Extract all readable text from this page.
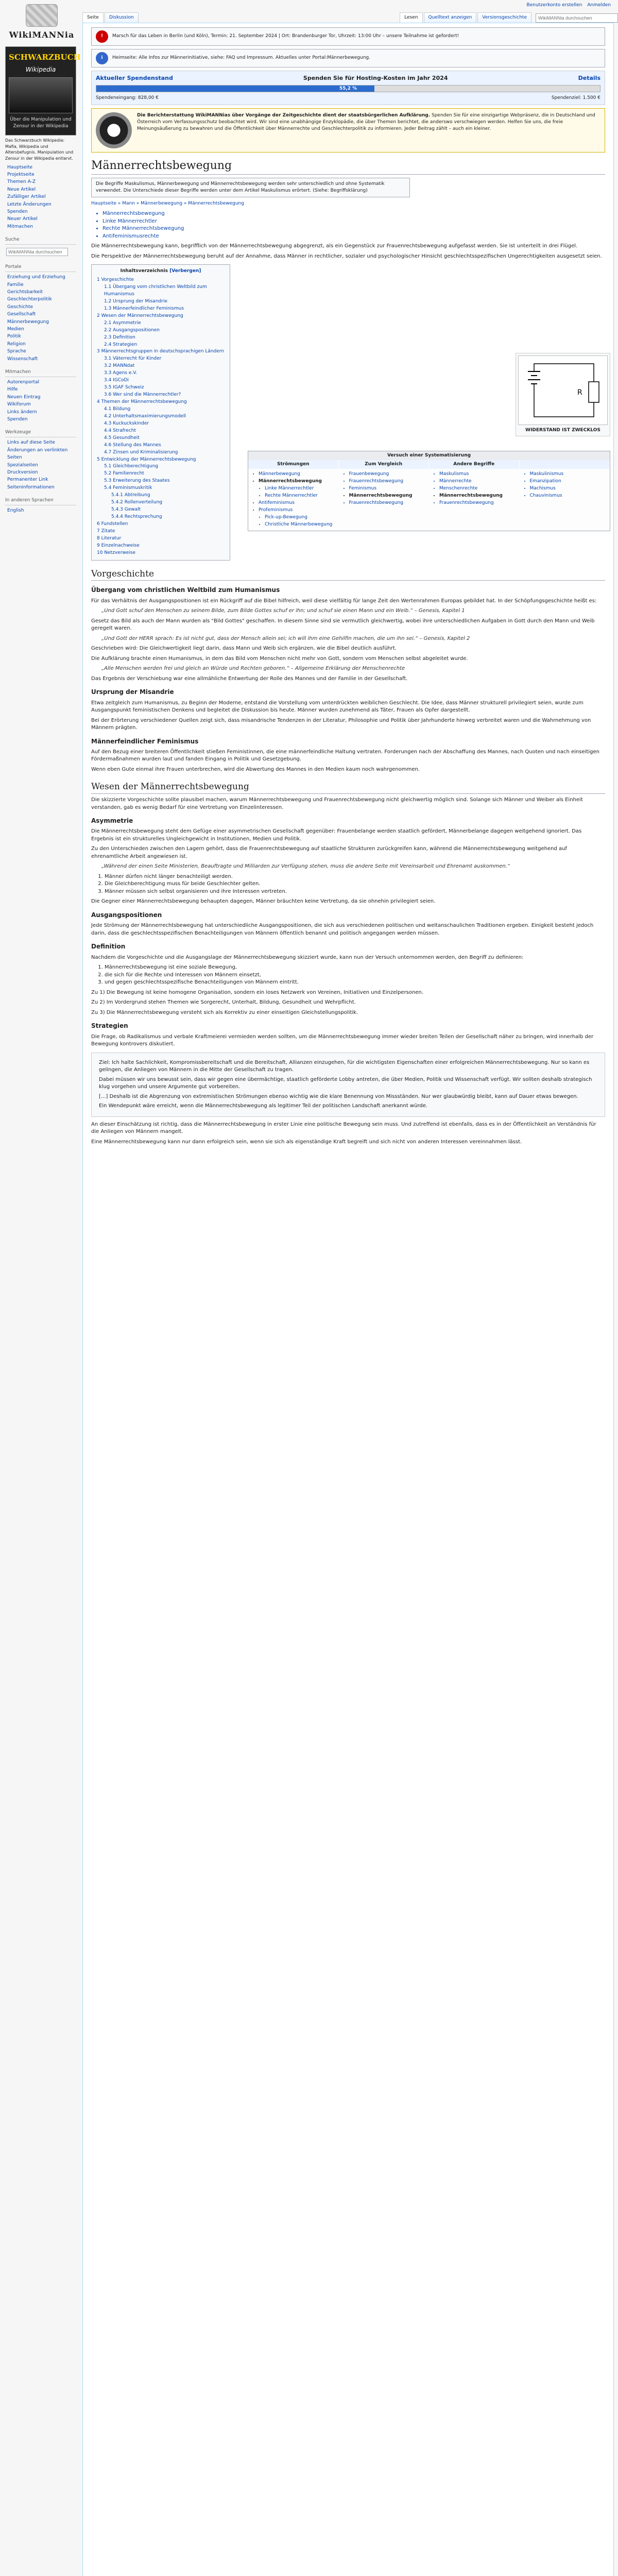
Benutzerkonto erstellen Anmelden
WikiMANNia
SCHWARZBUCH
Wikipedia
Über die Manipulation und Zensur in der Wikipedia
Das Schwarzbuch Wikipedia: Mafia, Wikipedia und Altersbefugnis. Manipulation und Zensur in der Wikipedia entlarvt.
Hauptseite
Projektseite
Themen A-Z
Neue Artikel
Zufälliger Artikel
Letzte Änderungen
Spenden
Neuer Artikel
Mitmachen
Suche
WikiMANNia durchsuchen
Portale
Erziehung und Erziehung
Familie
Gerichtsbarkeit
Geschlechterpolitik
Geschichte
Gesellschaft
Männerbewegung
Medien
Politik
Religion
Sprache
Wissenschaft
Mitmachen
Autorenportal
Hilfe
Neuen Eintrag
Wikiforum
Links ändern
Spenden
Werkzeuge
Links auf diese Seite
Änderungen an verlinkten Seiten
Spezialseiten
Druckversion
Permanenter Link
Seiteninformationen
In anderen Sprachen
English
Seite	Diskussion	Lesen	Quelltext anzeigen	Versionsgeschichte
WikiMANNia durchsuchen
!	Marsch für das Leben in Berlin (und Köln), Termin: 21. September 2024 | Ort: Brandenburger Tor, Uhrzeit: 13:00 Uhr – unsere Teilnahme ist gefordert!
ℹ	Heimseite: Alle Infos zur Männerinitiative, siehe: FAQ und Impressum. Aktuelles unter Portal:Männerbewegung.
Aktueller Spendenstand	Spenden Sie für Hosting-Kosten im Jahr 2024	Details
55,2 %
Spendeneingang: 828,00 €	Spendenziel: 1.500 €
Die Berichterstattung WikiMANNias über Vorgänge der Zeitgeschichte dient der staatsbürgerlichen Aufklärung. Spenden Sie für eine einzigartige Webpräsenz, die in Deutschland und Österreich vom Verfassungsschutz beobachtet wird. Wir sind eine unabhängige Enzyklopädie, die über Themen berichtet, die anderswo verschwiegen werden. Helfen Sie uns, die freie Meinungsäußerung zu bewahren und die Öffentlichkeit über Männerrechte und Geschlechterpolitik zu informieren. Jeder Beitrag zählt – auch ein kleiner.
Männerrechtsbewegung
Die Begriffe Maskulismus, Männerbewegung und Männerrechtsbewegung werden sehr unterschiedlich und ohne Systematik verwendet. Die Unterschiede dieser Begriffe werden unter dem Artikel Maskulismus erörtert. (Siehe: Begriffsklärung)
Hauptseite » Mann » Männerbewegung » Männerrechtsbewegung
• Männerrechtsbewegung
• Linke Männerrechtler
• Rechte Männerrechtsbewegung
• Antifeminismusrechte

Die Männerrechtsbewegung kann, begrifflich von der Männerrechtsbewegung abgegrenzt, als ein Gegenstück zur Frauenrechtsbewegung aufgefasst werden. Sie ist unterteilt in drei Flügel.

Die Perspektive der Männerrechtsbewegung beruht auf der Annahme, dass Männer in rechtlicher, sozialer und psychologischer Hinsicht geschlechtsspezifischen Ungerechtigkeiten ausgesetzt seien.

Inhaltsverzeichnis [Verbergen]
1 Vorgeschichte
1.1 Übergang vom christlichen Weltbild zum Humanismus
1.2 Ursprung der Misandrie
1.3 Männerfeindlicher Feminismus
2 Wesen der Männerrechtsbewegung
2.1 Asymmetrie
2.2 Ausgangspositionen
2.3 Definition
2.4 Strategien
3 Männerrechtsgruppen in deutschsprachigen Ländern
3.1 Väterrecht für Kinder
3.2 MANNdat
3.3 Agens e.V.
3.4 IGCoDi
3.5 IGAF Schweiz
3.6 Wer sind die Männerrechtler?
4 Themen der Männerrechtsbewegung
4.1 Bildung
4.2 Unterhaltsmaximierungsmodell
4.3 Kuckuckskinder
4.4 Strafrecht
4.5 Gesundheit
4.6 Stellung des Mannes
4.7 Zinsen und Kriminalisierung
5 Entwicklung der Männerrechtsbewegung
5.1 Gleichberechtigung
5.2 Familienrecht
5.3 Erweiterung des Staates
5.4 Feminismuskritik
5.4.1 Abtreibung
5.4.2 Rollenverteilung
5.4.3 Gewalt
5.4.4 Rechtsprechung
6 Fundstellen
7 Zitate
8 Literatur
9 Einzelnachweise
10 Netzverweise
R
WIDERSTAND IST ZWECKLOS
Versuch einer Systematisierung
Strömungen
• Männerbewegung
• Männerrechtsbewegung
• Linke Männerrechtler
• Rechte Männerrechtler
• Antifeminismus
• Profeminismus
• Pick-up-Bewegung
• Christliche Männerbewegung
Zum Vergleich
• Frauenbewegung
• Frauenrechtsbewegung
• Feminismus
• Männerrechtsbewegung
• Frauenrechtsbewegung
Andere Begriffe
• Maskulismus
• Männerrechte
• Menschenrechte
• Männerrechtsbewegung
• Frauenrechtsbewegung

• Maskulinismus
• Emanzipation
• Machismus
• Chauvinismus
Vorgeschichte
Übergang vom christlichen Weltbild zum Humanismus

Für das Verhältnis der Ausgangspositionen ist ein Rückgriff auf die Bibel hilfreich, weil diese vielfältig für lange Zeit den Wertenrahmen Europas gebildet hat. In der Schöpfungsgeschichte heißt es:

„Und Gott schuf den Menschen zu seinem Bilde, zum Bilde Gottes schuf er ihn; und schuf sie einen Mann und ein Weib.“ – Genesis, Kapitel 1

Gesetz das Bild als auch der Mann wurden als "Bild Gottes" geschaffen. In diesem Sinne sind sie vermutlich gleichwertig, wobei ihre unterschiedlichen Aufgaben in Gott durch den Mann und Weib geregelt waren.

„Und Gott der HERR sprach: Es ist nicht gut, dass der Mensch allein sei; ich will ihm eine Gehilfin machen, die um ihn sei.“ – Genesis, Kapitel 2

Geschrieben wird: Die Gleichwertigkeit liegt darin, dass Mann und Weib sich ergänzen, wie die Bibel deutlich ausführt.

Die Aufklärung brachte einen Humanismus, in dem das Bild vom Menschen nicht mehr von Gott, sondern vom Menschen selbst abgeleitet wurde.

„Alle Menschen werden frei und gleich an Würde und Rechten geboren.“ – Allgemeine Erklärung der Menschenrechte

Das Ergebnis der Verschiebung war eine allmähliche Entwertung der Rolle des Mannes und der Familie in der Gesellschaft.

Ursprung der Misandrie

Etwa zeitgleich zum Humanismus, zu Beginn der Moderne, entstand die Vorstellung vom unterdrückten weiblichen Geschlecht. Die Idee, dass Männer strukturell privilegiert seien, wurde zum Ausgangspunkt feministischen Denkens und begleitet die Diskussion bis heute. Männer wurden zunehmend als Täter, Frauen als Opfer dargestellt.

Bei der Erörterung verschiedener Quellen zeigt sich, dass misandrische Tendenzen in der Literatur, Philosophie und Politik über Jahrhunderte hinweg verbreitet waren und die Wahrnehmung von Männern prägten.

Männerfeindlicher Feminismus

Auf den Bezug einer breiteren Öffentlichkeit stießen Feministinnen, die eine männerfeindliche Haltung vertraten. Forderungen nach der Abschaffung des Mannes, nach Quoten und nach einseitigen Fördermaßnahmen wurden laut und fanden Eingang in Politik und Gesetzgebung.

Wenn eben Gute einmal ihre Frauen unterbrechen, wird die Abwertung des Mannes in den Medien kaum noch wahrgenommen.

Wesen der Männerrechtsbewegung

Die skizzierte Vorgeschichte sollte plausibel machen, warum Männerrechtsbewegung und Frauenrechtsbewegung nicht gleichwertig möglich sind. Solange sich Männer und Weiber als Einheit verstanden, gab es wenig Bedarf für eine Vertretung von Einzelinteressen.

Asymmetrie

Die Männerrechtsbewegung steht dem Gefüge einer asymmetrischen Gesellschaft gegenüber: Frauenbelange werden staatlich gefördert, Männerbelange dagegen weitgehend ignoriert. Das Ergebnis ist ein strukturelles Ungleichgewicht in Institutionen, Medien und Politik.

Zu den Unterschieden zwischen den Lagern gehört, dass die Frauenrechtsbewegung auf staatliche Strukturen zurückgreifen kann, während die Männerrechtsbewegung weitgehend auf ehrenamtliche Arbeit angewiesen ist.

„Während der einen Seite Ministerien, Beauftragte und Milliarden zur Verfügung stehen, muss die andere Seite mit Vereinsarbeit und Ehrenamt auskommen.“
1. Männer dürfen nicht länger benachteiligt werden.
2. Die Gleichberechtigung muss für beide Geschlechter gelten.
3. Männer müssen sich selbst organisieren und ihre Interessen vertreten.

Die Gegner einer Männerrechtsbewegung behaupten dagegen, Männer bräuchten keine Vertretung, da sie ohnehin privilegiert seien.

Ausgangspositionen

Jede Strömung der Männerrechtsbewegung hat unterschiedliche Ausgangspositionen, die sich aus verschiedenen politischen und weltanschaulichen Traditionen ergeben. Einigkeit besteht jedoch darin, dass die geschlechtsspezifischen Benachteiligungen von Männern öffentlich benannt und politisch angegangen werden müssen.

Definition

Nachdem die Vorgeschichte und die Ausgangslage der Männerrechtsbewegung skizziert wurde, kann nun der Versuch unternommen werden, den Begriff zu definieren:

1. Männerrechtsbewegung ist eine soziale Bewegung,
2. die sich für die Rechte und Interessen von Männern einsetzt,
3. und gegen geschlechtsspezifische Benachteiligungen von Männern eintritt.

Zu 1) Die Bewegung ist keine homogene Organisation, sondern ein loses Netzwerk von Vereinen, Initiativen und Einzelpersonen.

Zu 2) Im Vordergrund stehen Themen wie Sorgerecht, Unterhalt, Bildung, Gesundheit und Wehrpflicht.

Zu 3) Die Männerrechtsbewegung versteht sich als Korrektiv zu einer einseitigen Gleichstellungspolitik.

Strategien

Die Frage, ob Radikalismus und verbale Kraftmeierei vermieden werden sollten, um die Männerrechtsbewegung immer wieder breiten Teilen der Gesellschaft näher zu bringen, wird innerhalb der Bewegung kontrovers diskutiert.

Ziel: Ich halte Sachlichkeit, Kompromissbereitschaft und die Bereitschaft, Allianzen einzugehen, für die wichtigsten Eigenschaften einer erfolgreichen Männerrechtsbewegung. Nur so kann es gelingen, die Anliegen von Männern in die Mitte der Gesellschaft zu tragen.

Dabei müssen wir uns bewusst sein, dass wir gegen eine übermächtige, staatlich geförderte Lobby antreten, die über Medien, Politik und Wissenschaft verfügt. Wir sollten deshalb strategisch klug vorgehen und unsere Argumente gut vorbereiten.

[...] Deshalb ist die Abgrenzung von extremistischen Strömungen ebenso wichtig wie die klare Benennung von Missständen. Nur wer glaubwürdig bleibt, kann auf Dauer etwas bewegen.

Ein Wendepunkt wäre erreicht, wenn die Männerrechtsbewegung als legitimer Teil der politischen Landschaft anerkannt würde.

An dieser Einschätzung ist richtig, dass die Männerrechtsbewegung in erster Linie eine politische Bewegung sein muss. Und zutreffend ist ebenfalls, dass es in der Öffentlichkeit an Verständnis für die Anliegen von Männern mangelt.

Eine Männerrechtsbewegung kann nur dann erfolgreich sein, wenn sie sich als eigenständige Kraft begreift und sich nicht von anderen Interessen vereinnahmen lässt.
